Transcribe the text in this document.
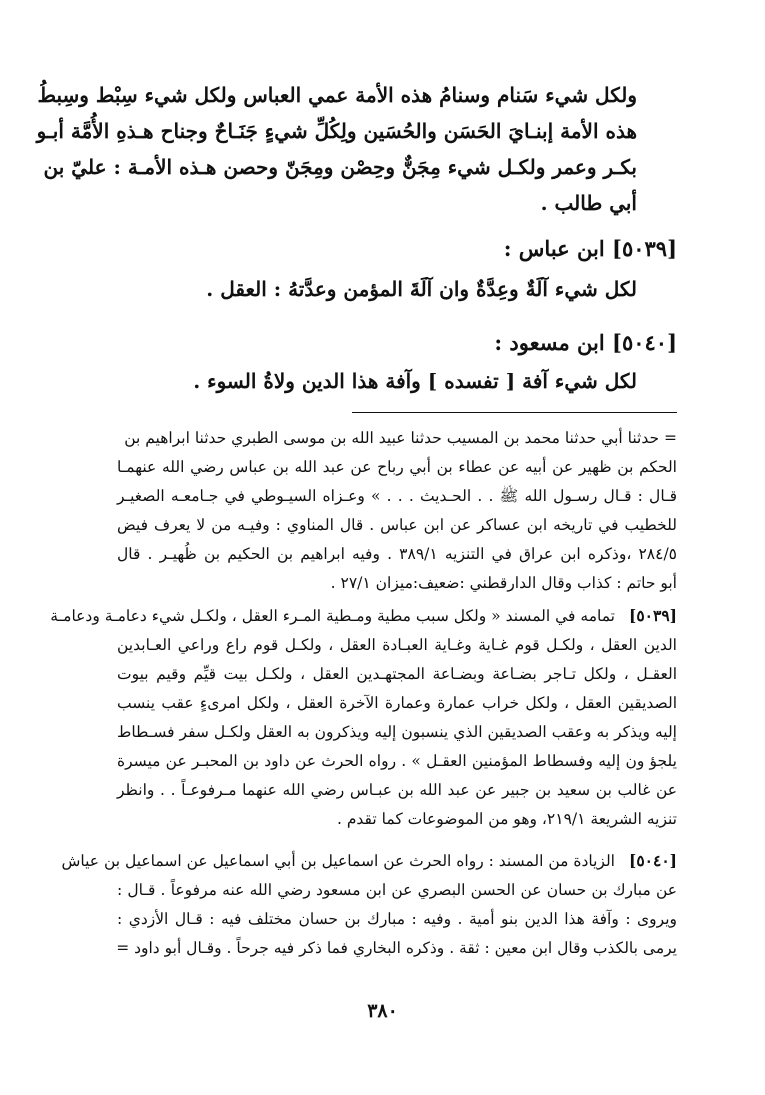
ولكل شيء سَنام وسنامُ هذه الأمة عمي العباس ولكل شيء سِبْط وسِبطُ
هذه الأمة إبنـايَ الحَسَن والحُسَين ولِكُلِّ شيءٍ جَنَـاحٌ وجناح هـذهِ الأُمَّة أبـو
بكـر وعمر ولكـل شيء مِجَنٌّ وحِصْن ومِجَنّ وحصن هـذه الأمـة : عليّ بن
أبي طالب .
[٥٠٣٩] ابن عباس :
لكل شيء آلَةٌ وعِدَّةٌ وان آلَةَ المؤمن وعدَّتهُ : العقل .
[٥٠٤٠] ابن مسعود :
لكل شيء آفة [ تفسده ] وآفة هذا الدين ولاةُ السوء .
= حدثنا أبي حدثنا محمد بن المسيب حدثنا عبيد الله بن موسى الطبري حدثنا ابراهيم بن
الحكم بن ظهير عن أبيه عن عطاء بن أبي رباح عن عبد الله بن عباس رضي الله عنهمـا
قـال : قـال رسـول الله ﷺ . . الحـديث . . . » وعـزاه السيـوطي في جـامعـه الصغيـر
للخطيب في تاريخه ابن عساكر عن ابن عباس . قال المناوي : وفيـه من لا يعرف فيض
٢٨٤/٥ ،وذكره ابن عراق في التنزيه ٣٨٩/١ . وفيه ابراهيم بن الحكيم بن ظُهيـر . قال
أبو حاتم : كذاب وقال الدارقطني :ضعيف:ميزان ٢٧/١ .
[٥٠٣٩]
تمامه في المسند « ولكل سبب مطية ومـطية المـرء العقل ، ولكـل شيء دعامـة ودعامـة
الدين العقل ، ولكـل قوم غـاية وغـاية العبـادة العقل ، ولكـل قوم راع وراعي العـابدين
العقـل ، ولكل تـاجر بضـاعة وبضـاعة المجتهـدين العقل ، ولكـل بيت قيِّم وقيم بيوت
الصديقين العقل ، ولكل خراب عمارة وعمارة الآخرة العقل ، ولكل امرىءٍ عقب ينسب
إليه ويذكر به وعقب الصديقين الذي ينسبون إليه ويذكرون به العقل ولكـل سفر فسـطاط
يلجؤ ون إليه وفسطاط المؤمنين العقـل » . رواه الحرث عن داود بن المحبـر عن ميسرة
عن غالب بن سعيد بن جبير عن عبد الله بن عبـاس رضي الله عنهما مـرفوعـاً . . وانظر
تنزيه الشريعة ٢١٩/١، وهو من الموضوعات كما تقدم .
[٥٠٤٠]
الزيادة من المسند : رواه الحرث عن اسماعيل بن أبي اسماعيل عن اسماعيل بن عياش
عن مبارك بن حسان عن الحسن البصري عن ابن مسعود رضي الله عنه مرفوعاً . قـال :
ويروى : وآفة هذا الدين بنو أمية . وفيه : مبارك بن حسان مختلف فيه : قـال الأزدي :
يرمى بالكذب وقال ابن معين : ثقة . وذكره البخاري فما ذكر فيه جرحاً . وقـال أبو داود =
٣٨٠
